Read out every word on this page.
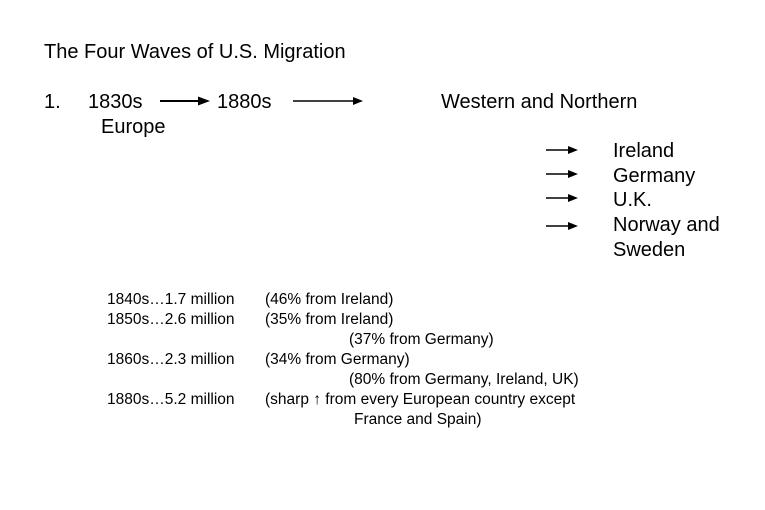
The Four Waves of U.S. Migration
1. 1830s
Europe
1880s	Western and Northern
Ireland
Germany
U.K.
Norway and
Sweden
1840s…1.7 million (46% from Ireland)
1850s…2.6 million (35% from Ireland)
(37% from Germany)
1860s…2.3 million (34% from Germany)
(80% from Germany, Ireland, UK)
1880s…5.2 million (sharp ↑ from every European country except
France and Spain)
